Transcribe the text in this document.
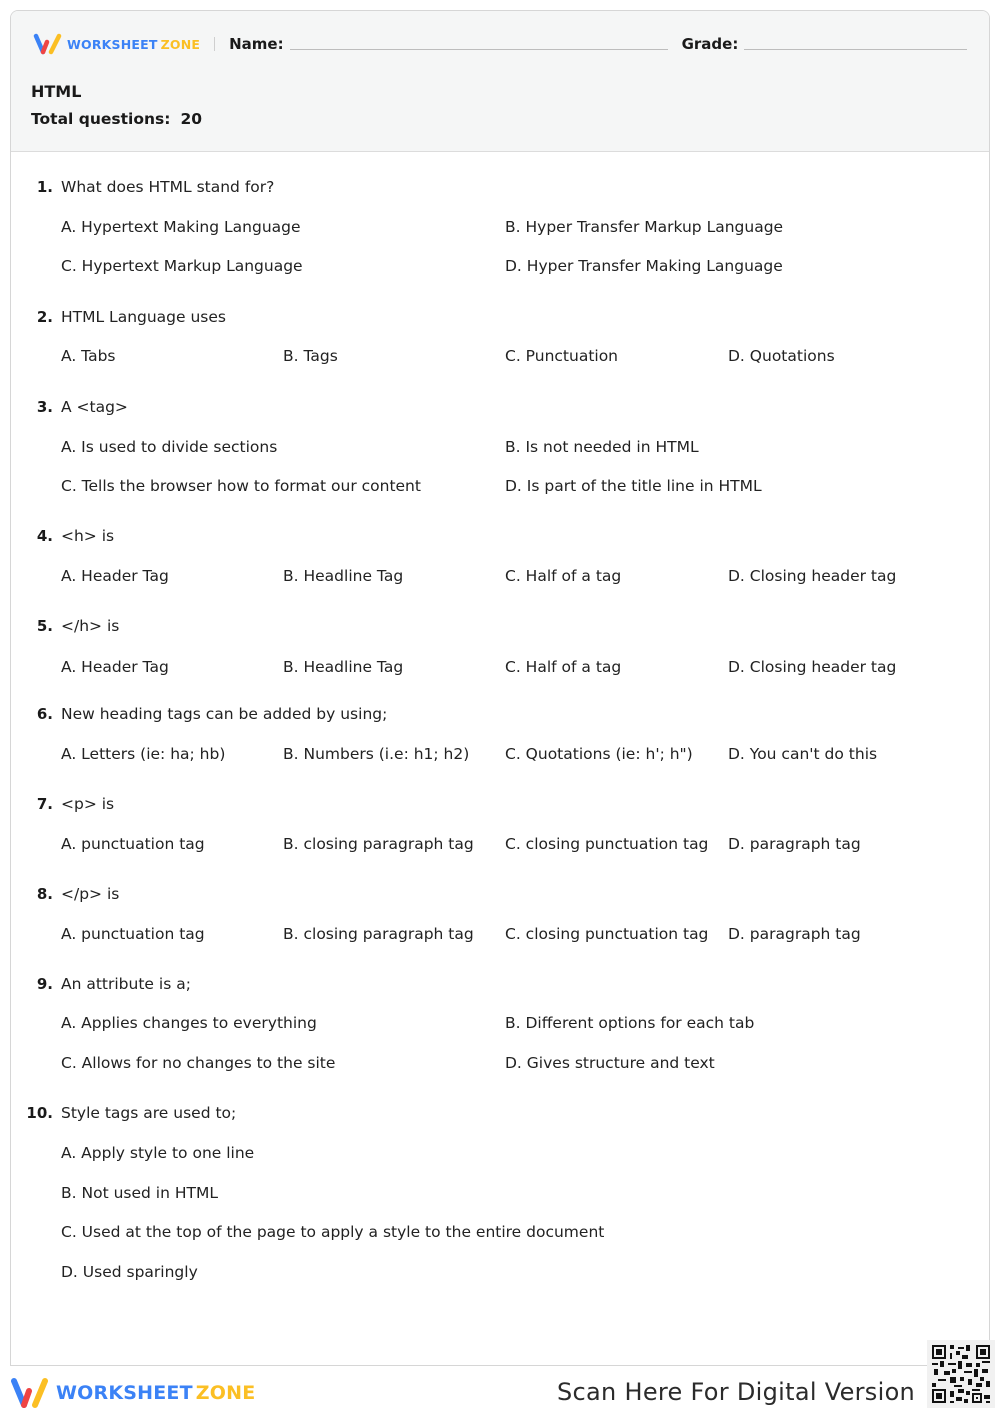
WORKSHEET ZONE Name:	Grade:
HTML
Total questions: 20
1. What does HTML stand for?
A. Hypertext Making Language	B. Hyper Transfer Markup Language
C. Hypertext Markup Language	D. Hyper Transfer Making Language
2. HTML Language uses
A. Tabs	B. Tags	C. Punctuation	D. Quotations
3. A <tag>
A. Is used to divide sections	B. Is not needed in HTML
C. Tells the browser how to format our content	D. Is part of the title line in HTML
4. <h> is
A. Header Tag	B. Headline Tag	C. Half of a tag	D. Closing header tag
5. </h> is
A. Header Tag	B. Headline Tag	C. Half of a tag	D. Closing header tag
6. New heading tags can be added by using;
A. Letters (ie: ha; hb)	B. Numbers (i.e: h1; h2) C. Quotations (ie: h'; h") D. You can't do this
7. <p> is
A. punctuation tag	B. closing paragraph tag C. closing punctuation tag D. paragraph tag
8. </p> is
A. punctuation tag	B. closing paragraph tag C. closing punctuation tag D. paragraph tag
9. An attribute is a;
A. Applies changes to everything	B. Different options for each tab
C. Allows for no changes to the site	D. Gives structure and text
10. Style tags are used to;
A. Apply style to one line
B. Not used in HTML
C. Used at the top of the page to apply a style to the entire document
D. Used sparingly
WORKSHEET ZONE	Scan Here For Digital Version
